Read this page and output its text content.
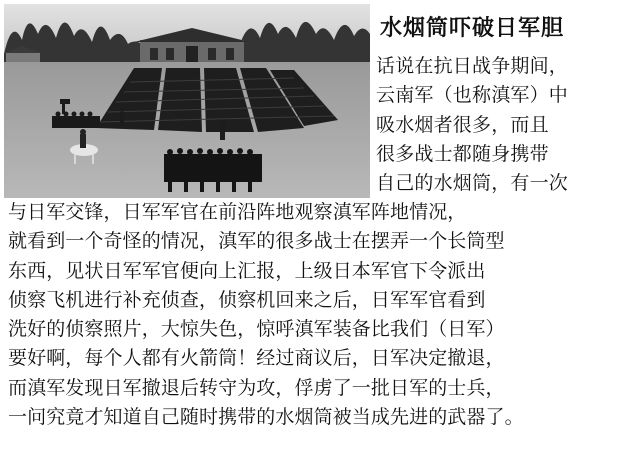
水烟筒吓破日军胆
话说在抗日战争期间，
云南军（也称滇军）中
吸水烟者很多，而且
很多战士都随身携带
自己的水烟筒，有一次
与日军交锋，日军军官在前沿阵地观察滇军阵地情况，
就看到一个奇怪的情况，滇军的很多战士在摆弄一个长筒型
东西，见状日军军官便向上汇报，上级日本军官下令派出
侦察飞机进行补充侦查，侦察机回来之后，日军军官看到
洗好的侦察照片，大惊失色，惊呼滇军装备比我们（日军）
要好啊，每个人都有火箭筒！经过商议后，日军决定撤退，
而滇军发现日军撤退后转守为攻，俘虏了一批日军的士兵，
一问究竟才知道自己随时携带的水烟筒被当成先进的武器了。
